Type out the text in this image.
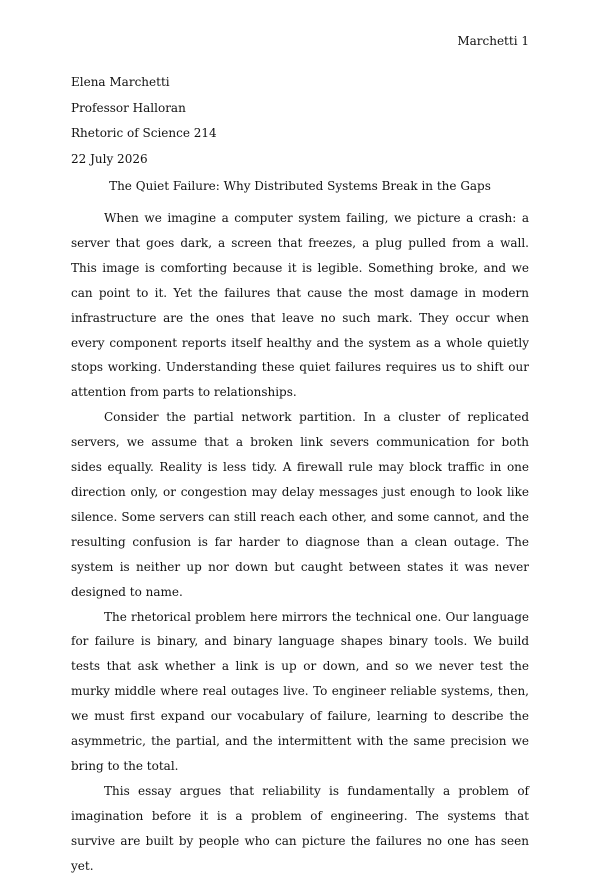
Marchetti 1
Elena Marchetti
Professor Halloran
Rhetoric of Science 214
22 July 2026
The Quiet Failure: Why Distributed Systems Break in the Gaps

When we imagine a computer system failing, we picture a crash: a server that goes dark, a screen that freezes, a plug pulled from a wall. This image is comforting because it is legible. Something broke, and we can point to it. Yet the failures that cause the most damage in modern infrastructure are the ones that leave no such mark. They occur when every component reports itself healthy and the system as a whole quietly stops working. Understanding these quiet failures requires us to shift our attention from parts to relationships.

Consider the partial network partition. In a cluster of replicated servers, we assume that a broken link severs communication for both sides equally. Reality is less tidy. A firewall rule may block traffic in one direction only, or congestion may delay messages just enough to look like silence. Some servers can still reach each other, and some cannot, and the resulting confusion is far harder to diagnose than a clean outage. The system is neither up nor down but caught between states it was never designed to name.

The rhetorical problem here mirrors the technical one. Our language for failure is binary, and binary language shapes binary tools. We build tests that ask whether a link is up or down, and so we never test the murky middle where real outages live. To engineer reliable systems, then, we must first expand our vocabulary of failure, learning to describe the asymmetric, the partial, and the intermittent with the same precision we bring to the total.

This essay argues that reliability is fundamentally a problem of imagination before it is a problem of engineering. The systems that survive are built by people who can picture the failures no one has seen yet.
